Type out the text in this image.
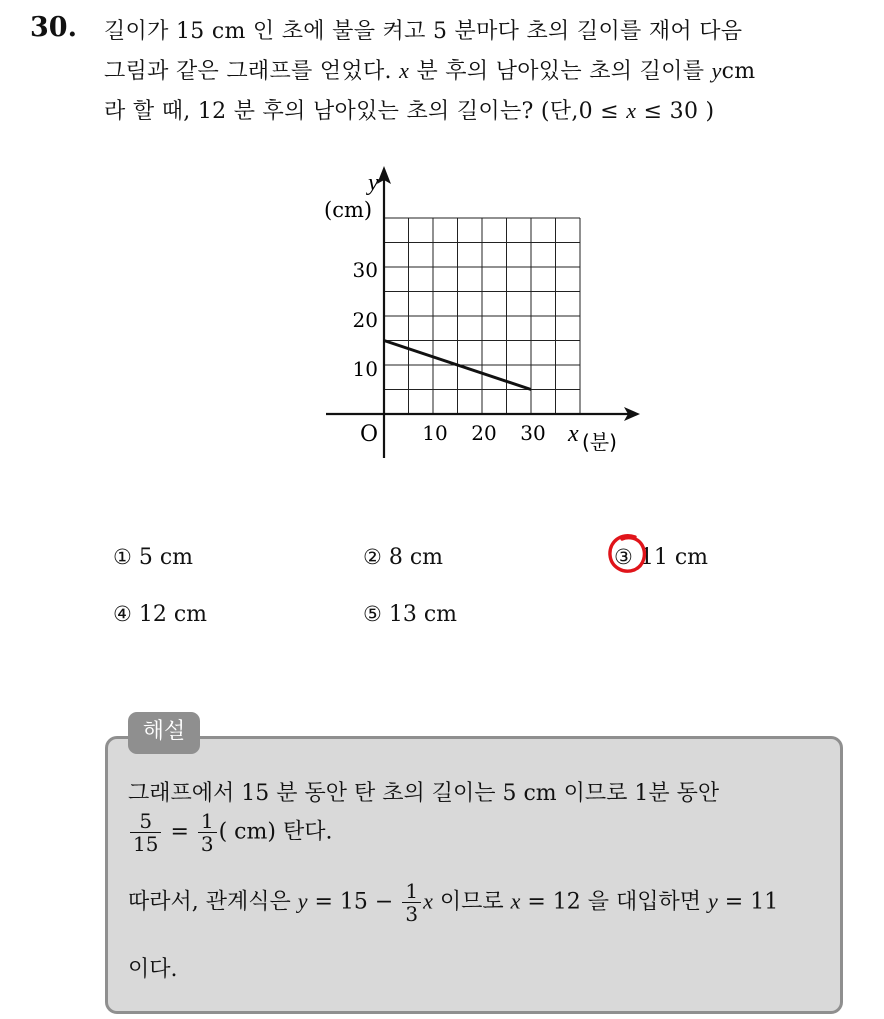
30. 길이가 15 cm 인 초에 불을 켜고 5 분마다 초의 길이를 재어 다음
그림과 같은 그래프를 얻었다. x 분 후의 남아있는 초의 길이를 ycm
라 할 때, 12 분 후의 남아있는 초의 길이는? (단,0 ≤ x ≤ 30 )
y
(cm)
30
20
10
O 10 20 30 x (분)
① 5 cm	② 8 cm	③ 11 cm
④ 12 cm	⑤ 13 cm
해설
그래프에서 15 분 동안 탄 초의 길이는 5 cm 이므로 1분 동안
$\frac{5}{15} = \frac{1}{3}$ ( cm) 탄다.
따라서, 관계식은 $y = 15 - \frac{1}{3}$ x 이므로 x = 12 을 대입하면 y = 11
이다.
